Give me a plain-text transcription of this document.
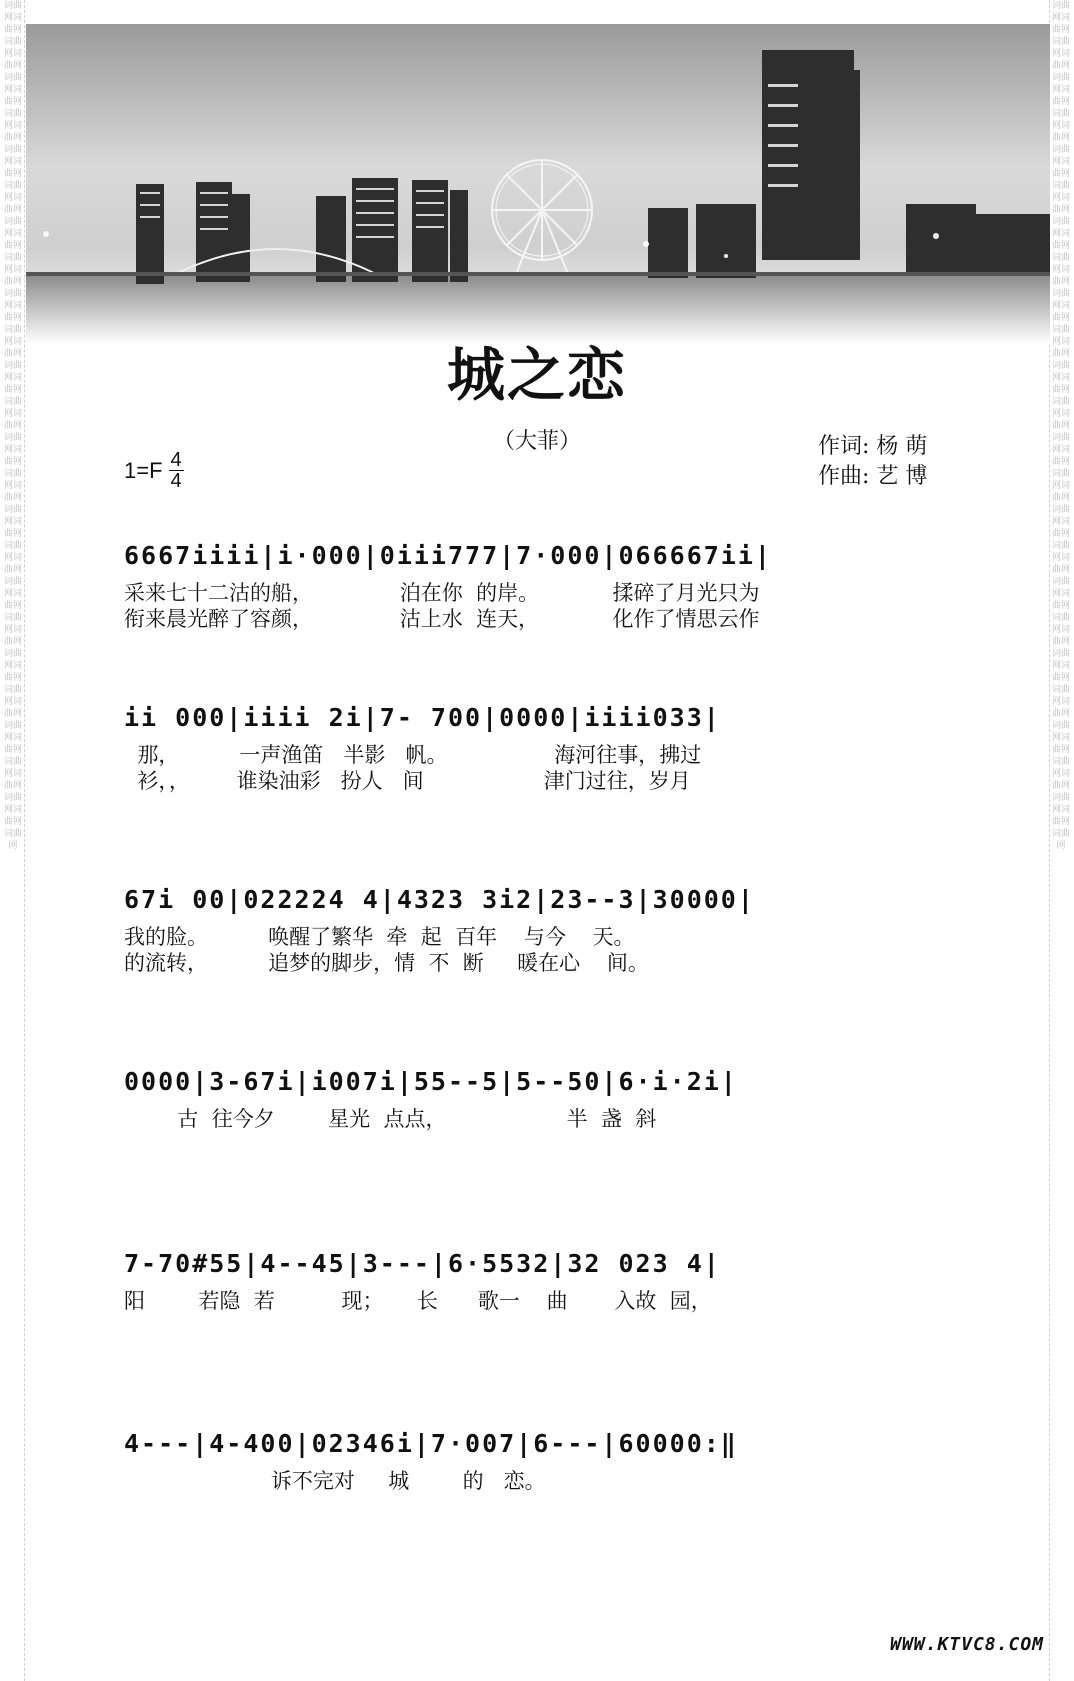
词曲网词曲网词曲网词曲网词曲网词曲网词曲网词曲网词曲网词曲网词曲网词曲网词曲网词曲网词曲网词曲网词曲网词曲网词曲网词曲网词曲网词曲网词曲网词曲网词曲网词曲网词曲网词曲网词曲网词曲网词曲网词曲网词曲网词曲网词曲网词曲网词曲网词曲网词曲网词曲网词曲网词曲网词曲网词曲网词曲网词曲网词曲网
词曲网词曲网词曲网词曲网词曲网词曲网词曲网词曲网词曲网词曲网词曲网词曲网词曲网词曲网词曲网词曲网词曲网词曲网词曲网词曲网词曲网词曲网词曲网词曲网词曲网词曲网词曲网词曲网词曲网词曲网词曲网词曲网词曲网词曲网词曲网词曲网词曲网词曲网词曲网词曲网词曲网词曲网词曲网词曲网词曲网词曲网词曲网
城之恋
（大菲）
$1=F \frac{4}{4}$
作词: 杨 萌
作曲: 艺 博
6667iiii|i·000|0iii777|7·000|066667ii|
采来七十二沽的船，             泊在你  的岸。           揉碎了月光只为
衔来晨光醉了容颜，             沽上水  连天，           化作了情思云作
ii 000|iiii 2i|7- 700|0000|iiii033|
那，         一声渔笛   半影   帆。                海河往事，拂过
衫，，       谁染油彩   扮人   间                  津门过往，岁月
67i 00|022224 4|4323 3i2|23--3|30000|
我的脸。         唤醒了繁华  牵  起  百年    与今    天。
的流转，         追梦的脚步，情  不  断     暖在心    间。
0000|3-67i|i007i|55--5|5--50|6·i·2i|
古  往今夕        星光  点点，                  半  盏  斜
7-70#55|4--45|3---|6·5532|32 023 4|
阳        若隐  若          现；     长      歌一    曲       入故  园，
4---|4-400|02346i|7·007|6---|60000:‖
诉不完对     城        的   恋。
WWW.KTVC8.COM
